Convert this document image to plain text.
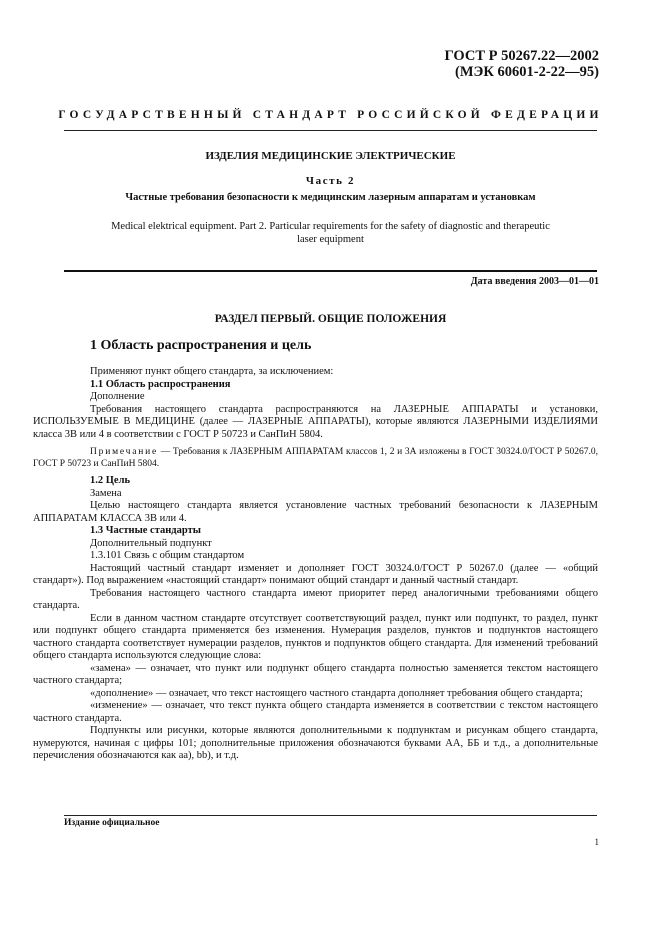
ГОСТ Р 50267.22—2002
(МЭК 60601-2-22—95)
ГОСУДАРСТВЕННЫЙ СТАНДАРТ РОССИЙСКОЙ ФЕДЕРАЦИИ
ИЗДЕЛИЯ МЕДИЦИНСКИЕ ЭЛЕКТРИЧЕСКИЕ
Часть 2
Частные требования безопасности к медицинским лазерным аппаратам и установкам
Medical elektrical equipment. Part 2. Particular requirements for the safety of diagnostic and therapeutic
laser equipment
Дата введения 2003—01—01
РАЗДЕЛ ПЕРВЫЙ. ОБЩИЕ ПОЛОЖЕНИЯ
1 Область распространения и цель

Применяют пункт общего стандарта, за исключением:

1.1 Область распространения

Дополнение

Требования настоящего стандарта распространяются на ЛАЗЕРНЫЕ АППАРАТЫ и установки, ИСПОЛЬЗУЕМЫЕ В МЕДИЦИНЕ (далее — ЛАЗЕРНЫЕ АППАРАТЫ), которые являются ЛАЗЕРНЫМИ ИЗДЕЛИЯМИ класса 3В или 4 в соответствии с ГОСТ Р 50723 и СанПиН 5804.

Примечание — Требования к ЛАЗЕРНЫМ АППАРАТАМ классов 1, 2 и 3А изложены в ГОСТ 30324.0/ГОСТ Р 50267.0, ГОСТ Р 50723 и СанПиН 5804.

1.2 Цель

Замена

Целью настоящего стандарта является установление частных требований безопасности к ЛАЗЕРНЫМ АППАРАТАМ КЛАССА 3В или 4.

1.3 Частные стандарты

Дополнительный подпункт

1.3.101 Связь с общим стандартом

Настоящий частный стандарт изменяет и дополняет ГОСТ 30324.0/ГОСТ Р 50267.0 (далее — «общий стандарт»). Под выражением «настоящий стандарт» понимают общий стандарт и данный частный стандарт.

Требования настоящего частного стандарта имеют приоритет перед аналогичными требованиями общего стандарта.

Если в данном частном стандарте отсутствует соответствующий раздел, пункт или подпункт, то раздел, пункт или подпункт общего стандарта применяется без изменения. Нумерация разделов, пунктов и подпунктов настоящего частного стандарта соответствует нумерации разделов, пунктов и подпунктов общего стандарта. Для изменений требований общего стандарта используются следующие слова:

«замена» — означает, что пункт или подпункт общего стандарта полностью заменяется текстом настоящего частного стандарта;

«дополнение» — означает, что текст настоящего частного стандарта дополняет требования общего стандарта;

«изменение» — означает, что текст пункта общего стандарта изменяется в соответствии с текстом настоящего частного стандарта.

Подпункты или рисунки, которые являются дополнительными к подпунктам и рисункам общего стандарта, нумеруются, начиная с цифры 101; дополнительные приложения обозначаются буквами АА, ББ и т.д., а дополнительные перечисления обозначаются как аа), bb), и т.д.

Издание официальное
1
